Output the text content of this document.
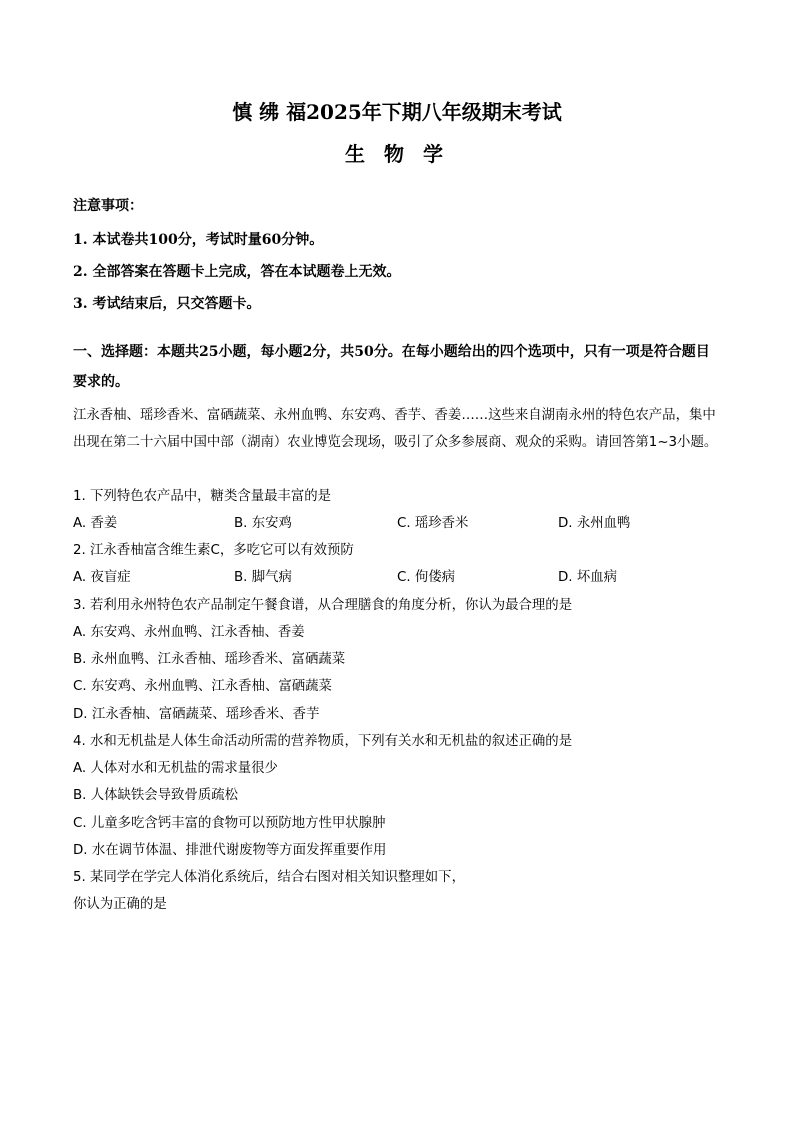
慎 绋 福2025年下期八年级期末考试
生 物 学
注意事项：
1. 本试卷共100分，考试时量60分钟。
2. 全部答案在答题卡上完成，答在本试题卷上无效。
3. 考试结束后，只交答题卡。
一、选择题：本题共25小题，每小题2分，共50分。在每小题给出的四个选项中，只有一项是符合题目要求的。
江永香柚、瑶珍香米、富硒蔬菜、永州血鸭、东安鸡、香芋、香姜……这些来自湖南永州的特色农产品，集中出现在第二十六届中国中部（湖南）农业博览会现场，吸引了众多参展商、观众的采购。请回答第1~3小题。
1. 下列特色农产品中，糖类含量最丰富的是
A. 香姜	B. 东安鸡	C. 瑶珍香米	D. 永州血鸭
2. 江永香柚富含维生素C，多吃它可以有效预防
A. 夜盲症	B. 脚气病	C. 佝偻病	D. 坏血病
3. 若利用永州特色农产品制定午餐食谱，从合理膳食的角度分析，你认为最合理的是
A. 东安鸡、永州血鸭、江永香柚、香姜
B. 永州血鸭、江永香柚、瑶珍香米、富硒蔬菜
C. 东安鸡、永州血鸭、江永香柚、富硒蔬菜
D. 江永香柚、富硒蔬菜、瑶珍香米、香芋
4. 水和无机盐是人体生命活动所需的营养物质，下列有关水和无机盐的叙述正确的是
A. 人体对水和无机盐的需求量很少
B. 人体缺铁会导致骨质疏松
C. 儿童多吃含钙丰富的食物可以预防地方性甲状腺肿
D. 水在调节体温、排泄代谢废物等方面发挥重要作用
5. 某同学在学完人体消化系统后，结合右图对相关知识整理如下，
你认为正确的是
